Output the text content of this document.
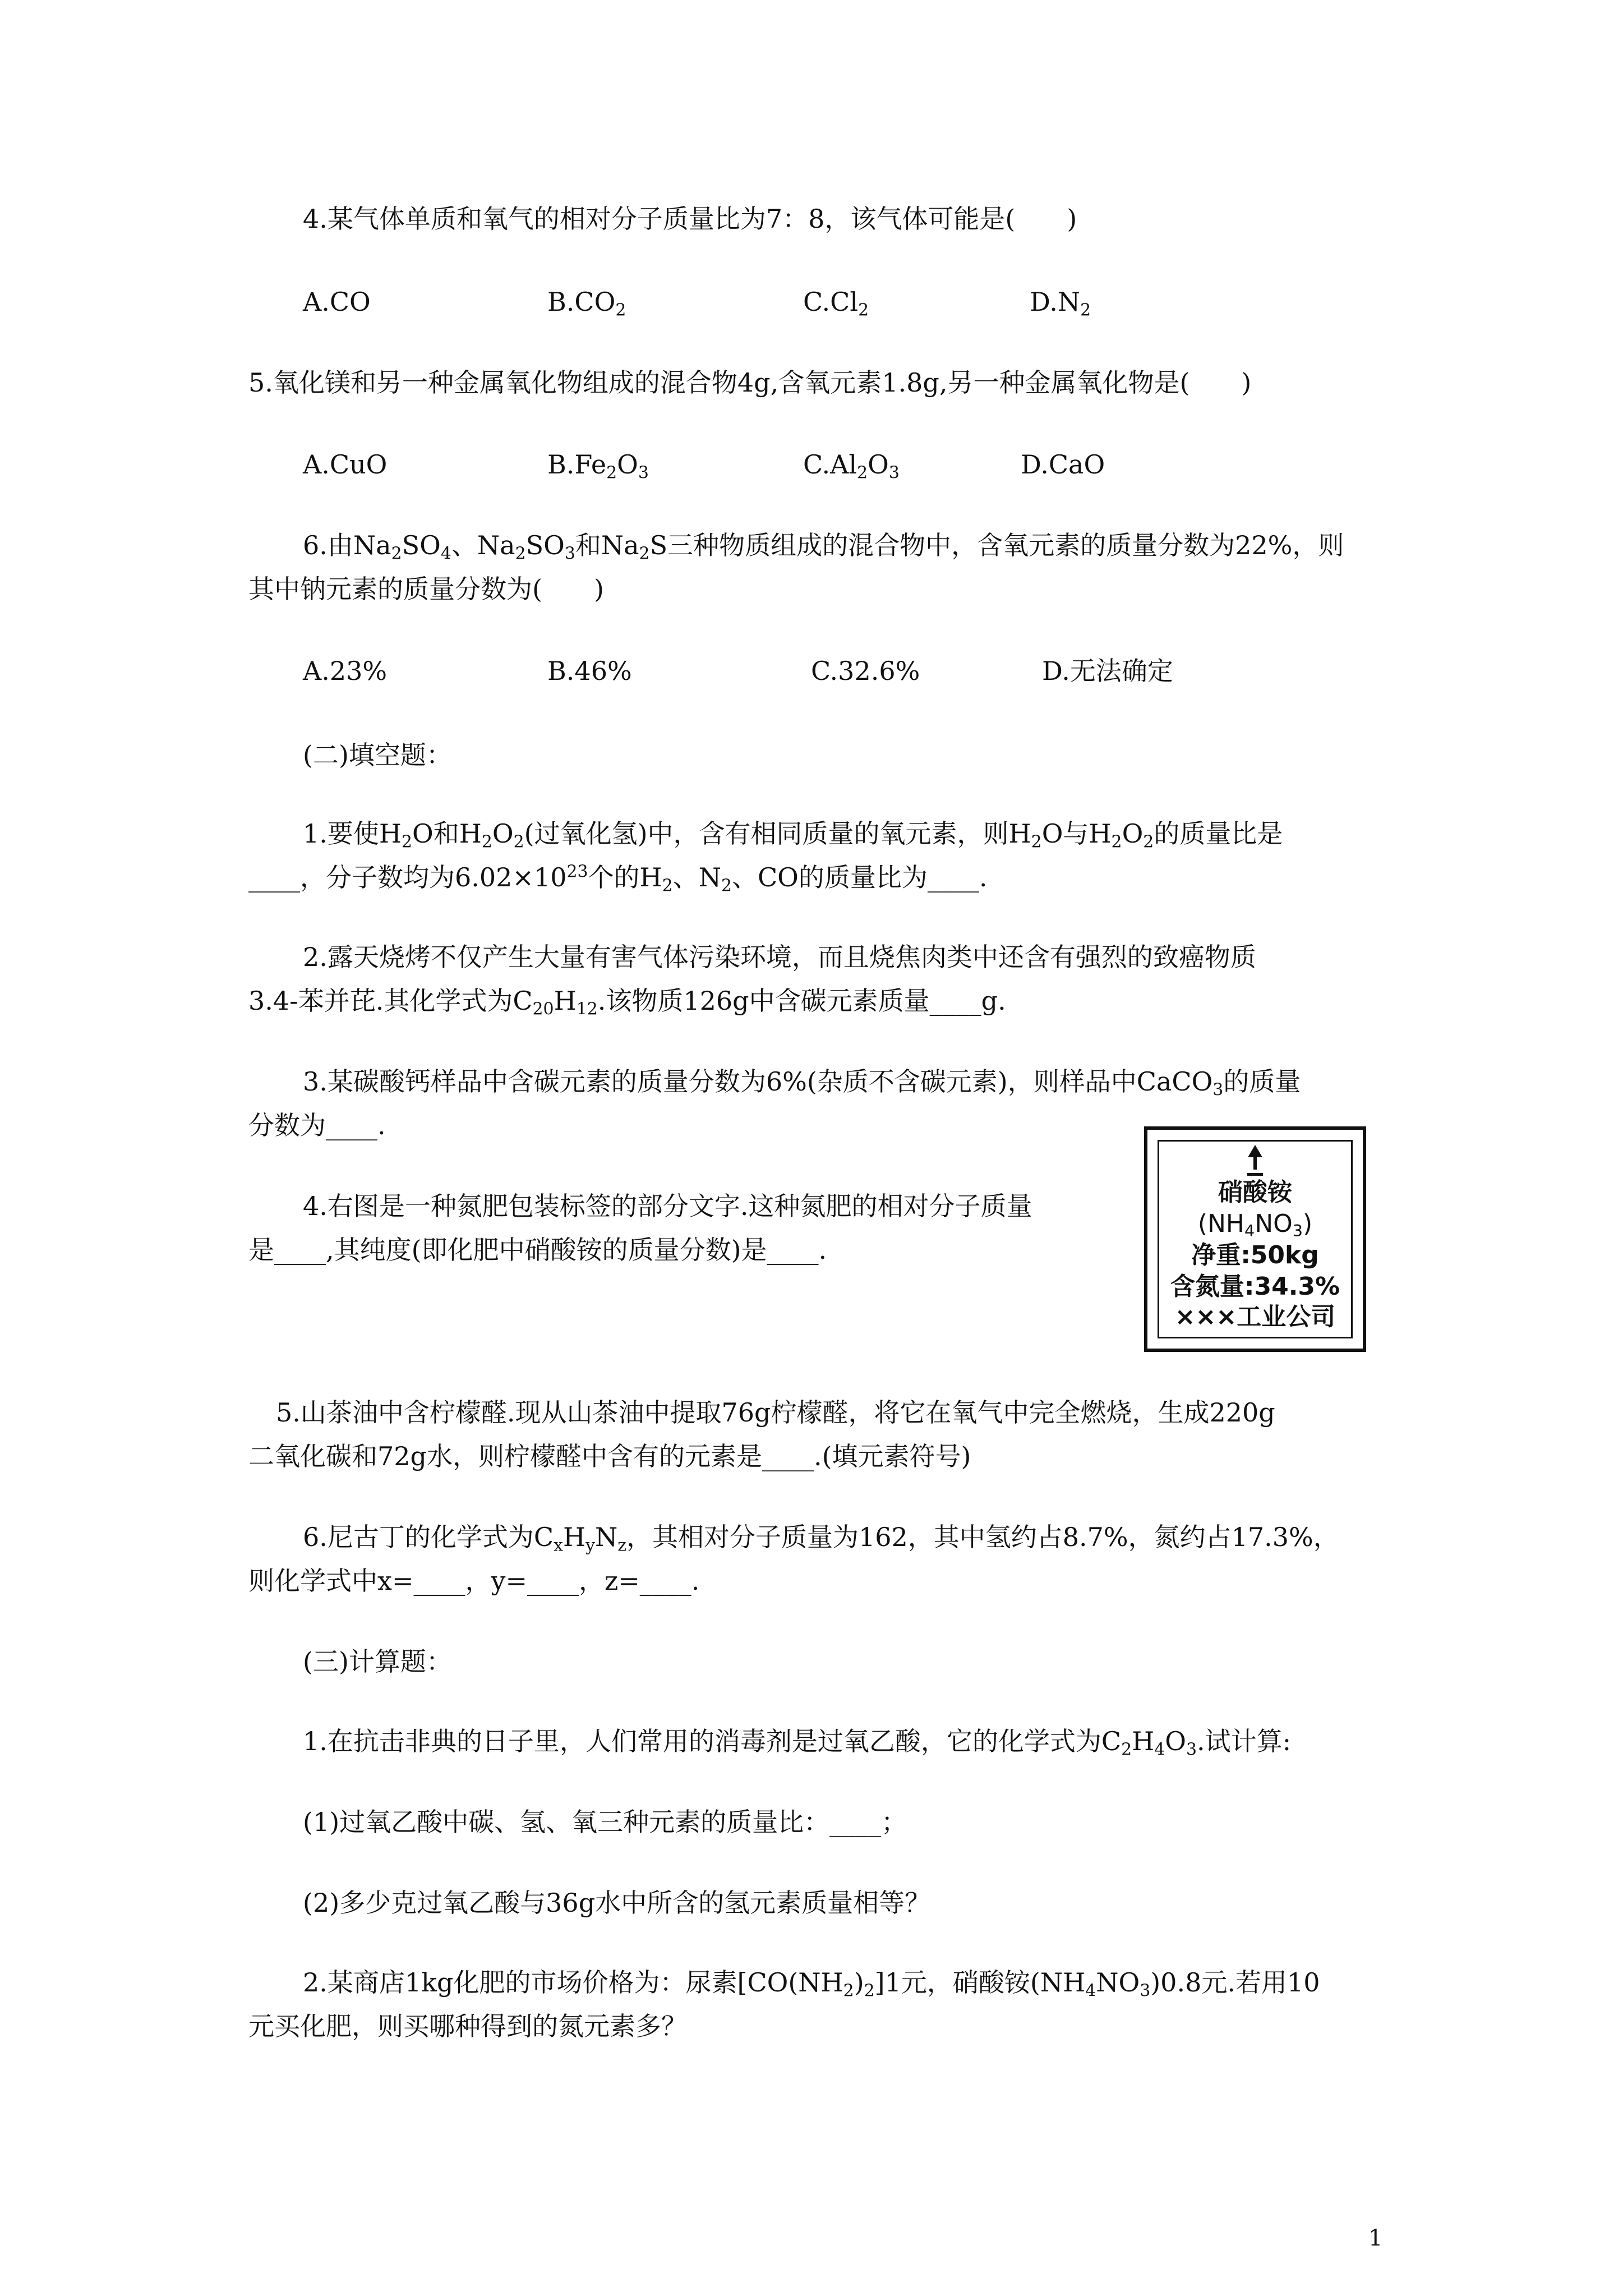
4.某气体单质和氧气的相对分子质量比为7：8，该气体可能是(　　)
A.CO	$B.CO_2$	$C.Cl_2$	$D.N_2$
5.氧化镁和另一种金属氧化物组成的混合物4g,含氧元素1.8g,另一种金属氧化物是(　　)
A.CuO	$B.Fe_2O_3$	$C.Al_2O_3$	D.CaO
6.由$Na_2SO_4$、$Na_2SO_3$和$Na_2S$三种物质组成的混合物中，含氧元素的质量分数为22%，则
其中钠元素的质量分数为(　　)
A.23%	B.46%	C.32.6%	D.无法确定
(二)填空题：
1.要使$H_2O$和$H_2O_2$(过氧化氢)中，含有相同质量的氧元素，则$H_2O$与$H_2O_2$的质量比是
____，分子数均为$6.02\times 10^{23}$个的$H_2$、$N_2$、CO的质量比为____.
2.露天烧烤不仅产生大量有害气体污染环境，而且烧焦肉类中还含有强烈的致癌物质
3.4-苯并芘.其化学式为$C_{20}H_{12}$.该物质126g中含碳元素质量____g.
3.某碳酸钙样品中含碳元素的质量分数为6%(杂质不含碳元素)，则样品中CaCO$_3$的质量
分数为____.
4.右图是一种氮肥包装标签的部分文字.这种氮肥的相对分子质量
是____,其纯度(即化肥中硝酸铵的质量分数)是____.
硝酸铵
$(NH_4NO_3)$
净重:50kg
含氮量:34.3%
×××工业公司
5.山茶油中含柠檬醛.现从山茶油中提取76g柠檬醛，将它在氧气中完全燃烧，生成220g
二氧化碳和72g水，则柠檬醛中含有的元素是____.(填元素符号)
6.尼古丁的化学式为$C_xH_yN_z$，其相对分子质量为162，其中氢约占8.7%，氮约占17.3%，
则化学式中x=____，y=____，z=____.
(三)计算题：
1.在抗击非典的日子里，人们常用的消毒剂是过氧乙酸，它的化学式为$C_2H_4O_3$.试计算:
(1)过氧乙酸中碳、氢、氧三种元素的质量比：____；
(2)多少克过氧乙酸与36g水中所含的氢元素质量相等？
2.某商店1kg化肥的市场价格为：尿素$[CO(NH_2)_2]1$元，硝酸铵$(NH_4NO_3)0.8$元.若用10
元买化肥，则买哪种得到的氮元素多？
1
